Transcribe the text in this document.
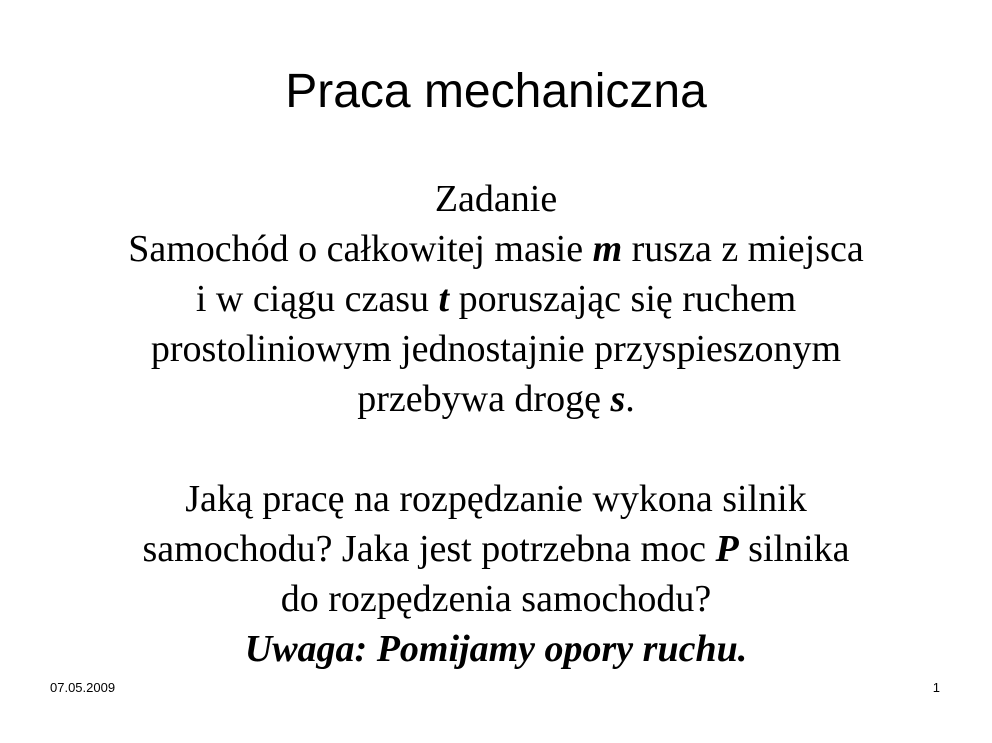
Praca mechaniczna
Zadanie
Samochód o całkowitej masie m rusza z miejsca
i w ciągu czasu t poruszając się ruchem
prostoliniowym jednostajnie przyspieszonym
przebywa drogę s.
Jaką pracę na rozpędzanie wykona silnik
samochodu? Jaka jest potrzebna moc P silnika
do rozpędzenia samochodu?
Uwaga: Pomijamy opory ruchu.
07.05.2009	1
